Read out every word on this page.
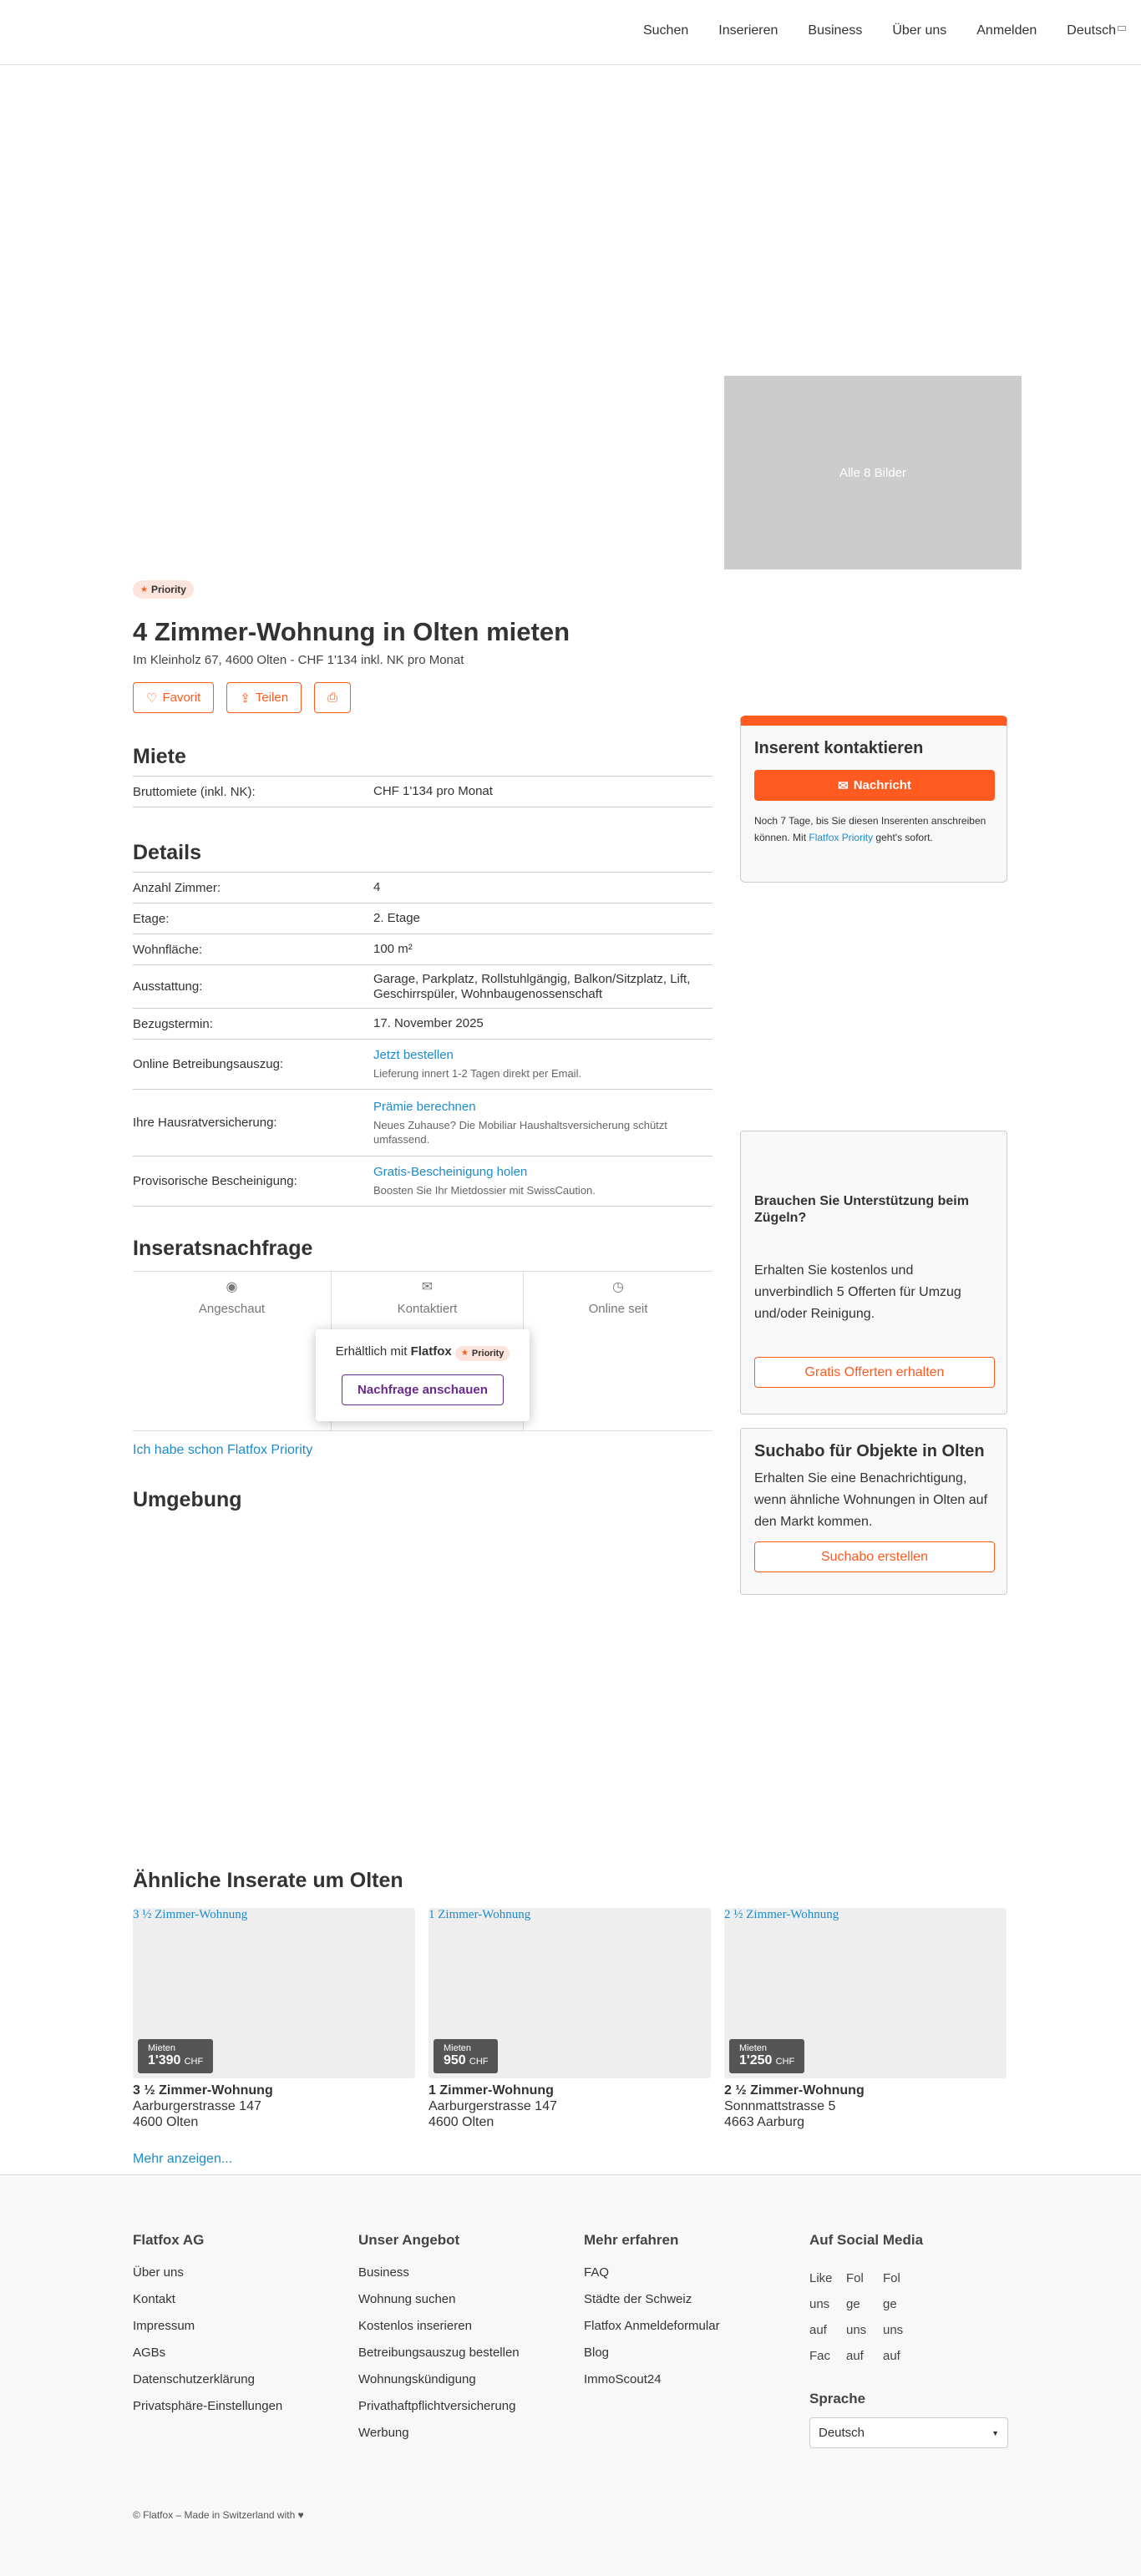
Suchen Inserieren Business Über uns Anmelden Deutsch
Alle 8 Bilder
★ Priority
4 Zimmer-Wohnung in Olten mieten
Im Kleinholz 67, 4600 Olten - CHF 1'134 inkl. NK pro Monat
♡ Favorit	⇪ Teilen	⎙
Miete
Bruttomiete (inkl. NK):	CHF 1'134 pro Monat
Details
Anzahl Zimmer:	4
Etage:	2. Etage
Wohnfläche:	100 m²
Ausstattung:
Garage, Parkplatz, Rollstuhlgängig, Balkon/Sitzplatz, Lift, Geschirrspüler, Wohnbaugenossenschaft
Bezugstermin:	17. November 2025
Online Betreibungsauszug:
Jetzt bestellen
Lieferung innert 1-2 Tagen direkt per Email.
Ihre Hausratversicherung:
Prämie berechnen
Neues Zuhause? Die Mobiliar Haushaltsversicherung schützt umfassend.
Provisorische Bescheinigung:
Gratis-Bescheinigung holen
Boosten Sie Ihr Mietdossier mit SwissCaution.
Inseratsnachfrage
◉
Angeschaut
✉
Kontaktiert
◷
Online seit
Erhältlich mit Flatfox ★ Priority
Nachfrage anschauen
Ich habe schon Flatfox Priority
Umgebung
Inserent kontaktieren
✉ Nachricht
Noch 7 Tage, bis Sie diesen Inserenten anschreiben können. Mit Flatfox Priority geht's sofort.
Brauchen Sie Unterstützung beim Zügeln?

Erhalten Sie kostenlos und unverbindlich 5 Offerten für Umzug und/oder Reinigung.

Gratis Offerten erhalten
Suchabo für Objekte in Olten

Erhalten Sie eine Benachrichtigung, wenn ähnliche Wohnungen in Olten auf den Markt kommen.

Suchabo erstellen
Ähnliche Inserate um Olten
3 ½ Zimmer-Wohnung
Mieten
1'390 CHF
3 ½ Zimmer-Wohnung
Aarburgerstrasse 147
4600 Olten
1 Zimmer-Wohnung
Mieten
950 CHF
1 Zimmer-Wohnung
Aarburgerstrasse 147
4600 Olten
2 ½ Zimmer-Wohnung
Mieten
1'250 CHF
2 ½ Zimmer-Wohnung
Sonnmattstrasse 5
4663 Aarburg
Mehr anzeigen...
Flatfox AG
Über uns
Kontakt
Impressum
AGBs
Datenschutzerklärung
Privatsphäre-Einstellungen
Unser Angebot
Business
Wohnung suchen
Kostenlos inserieren
Betreibungsauszug bestellen
Wohnungskündigung
Privathaftpflichtversicherung
Werbung
Mehr erfahren
FAQ
Städte der Schweiz
Flatfox Anmeldeformular
Blog
ImmoScout24
Auf Social Media
Like uns auf Fac
Folge uns auf
Folge uns auf
Sprache
Deutsch	▼
© Flatfox – Made in Switzerland with ♥
